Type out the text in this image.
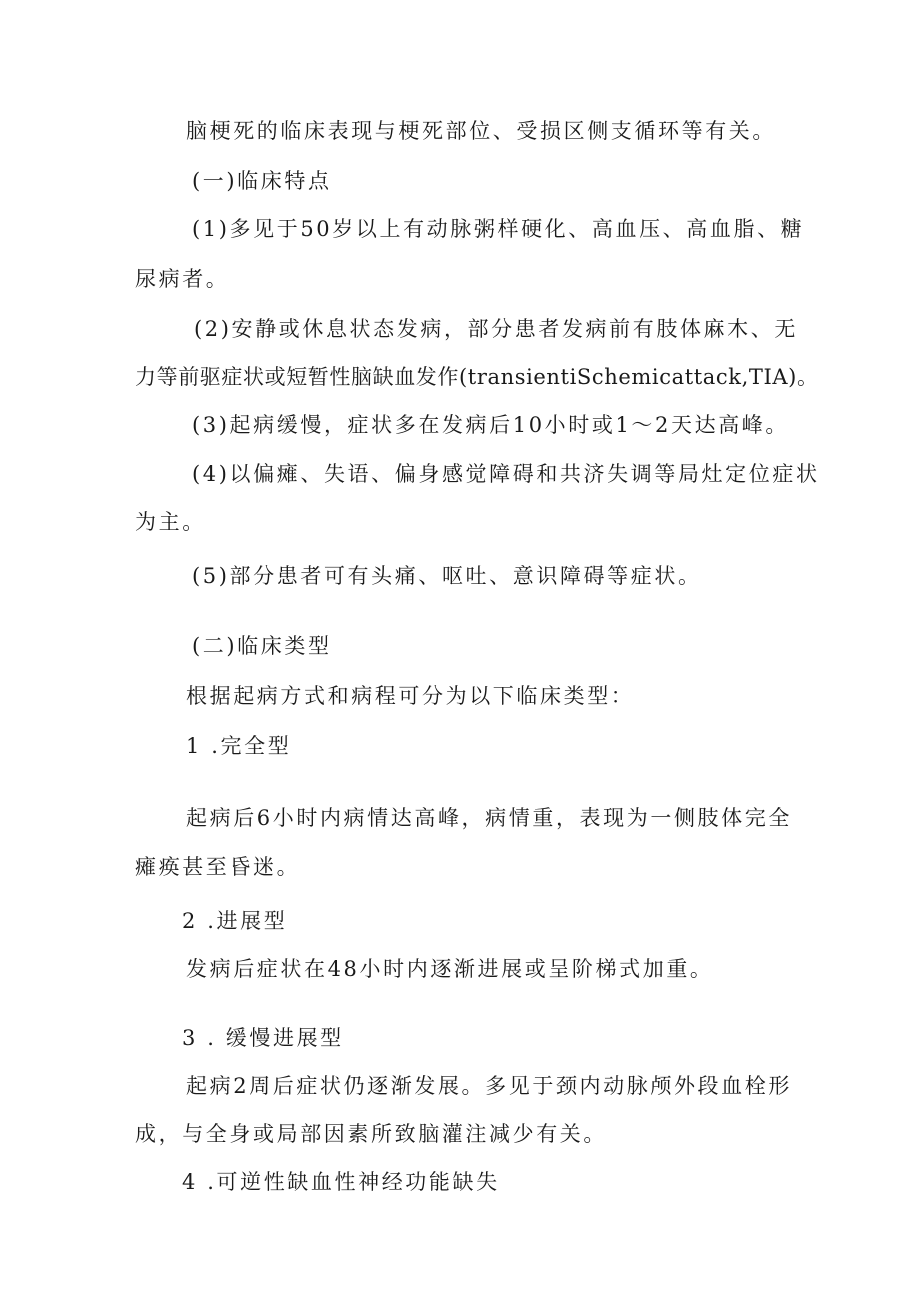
脑梗死的临床表现与梗死部位、受损区侧支循环等有关。
(一)临床特点
(1)多见于50岁以上有动脉粥样硬化、高血压、高血脂、糖
尿病者。
(2)安静或休息状态发病，部分患者发病前有肢体麻木、无
力等前驱症状或短暂性脑缺血发作(transientiSchemicattack,TIA)。
(3)起病缓慢，症状多在发病后10小时或1～2天达高峰。
(4)以偏瘫、失语、偏身感觉障碍和共济失调等局灶定位症状
为主。
(5)部分患者可有头痛、呕吐、意识障碍等症状。
(二)临床类型
根据起病方式和病程可分为以下临床类型：
1 .完全型
起病后6小时内病情达高峰，病情重，表现为一侧肢体完全
瘫痪甚至昏迷。
2 .进展型
发病后症状在48小时内逐渐进展或呈阶梯式加重。
3 . 缓慢进展型
起病2周后症状仍逐渐发展。多见于颈内动脉颅外段血栓形
成，与全身或局部因素所致脑灌注减少有关。
4 .可逆性缺血性神经功能缺失
